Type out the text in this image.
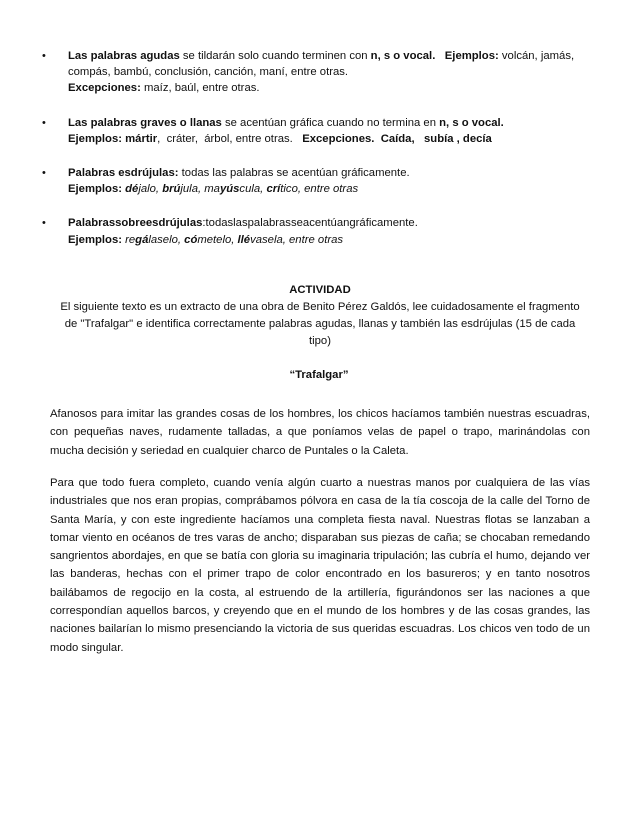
• Las palabras agudas se tildarán solo cuando terminen con n, s o vocal. Ejemplos: volcán, jamás,
compás, bambú, conclusión, canción, maní, entre otras.
Excepciones: maíz, baúl, entre otras.
• Las palabras graves o llanas se acentúan gráfica cuando no termina en n, s o vocal.
Ejemplos: mártir,  cráter,  árbol, entre otras.   Excepciones.  Caída,   subía , decía
• Palabras esdrújulas: todas las palabras se acentúan gráficamente.
Ejemplos: déjalo, brújula, mayúscula, crítico, entre otras
• Palabrassobreesdrújulas:todaslaspalabrasseacentúangráficamente.
Ejemplos: regálaselo, cómetelo, llévasela, entre otras
ACTIVIDAD
El siguiente texto es un extracto de una obra de Benito Pérez Galdós, lee cuidadosamente el fragmento
de "Trafalgar" e identifica correctamente palabras agudas, llanas y también las esdrújulas (15 de cada
tipo)
“Trafalgar”

Afanosos para imitar las grandes cosas de los hombres, los chicos hacíamos también nuestras escuadras, con pequeñas naves, rudamente talladas, a que poníamos velas de papel o trapo, marinándolas con mucha decisión y seriedad en cualquier charco de Puntales o la Caleta.

Para que todo fuera completo, cuando venía algún cuarto a nuestras manos por cualquiera de las vías industriales que nos eran propias, comprábamos pólvora en casa de la tía coscoja de la calle del Torno de Santa María, y con este ingrediente hacíamos una completa fiesta naval. Nuestras flotas se lanzaban a tomar viento en océanos de tres varas de ancho; disparaban sus piezas de caña; se chocaban remedando sangrientos abordajes, en que se batía con gloria su imaginaria tripulación; las cubría el humo, dejando ver las banderas, hechas con el primer trapo de color encontrado en los basureros; y en tanto nosotros bailábamos de regocijo en la costa, al estruendo de la artillería, figurándonos ser las naciones a que correspondían aquellos barcos, y creyendo que en el mundo de los hombres y de las cosas grandes, las naciones bailarían lo mismo presenciando la victoria de sus queridas escuadras. Los chicos ven todo de un modo singular.
